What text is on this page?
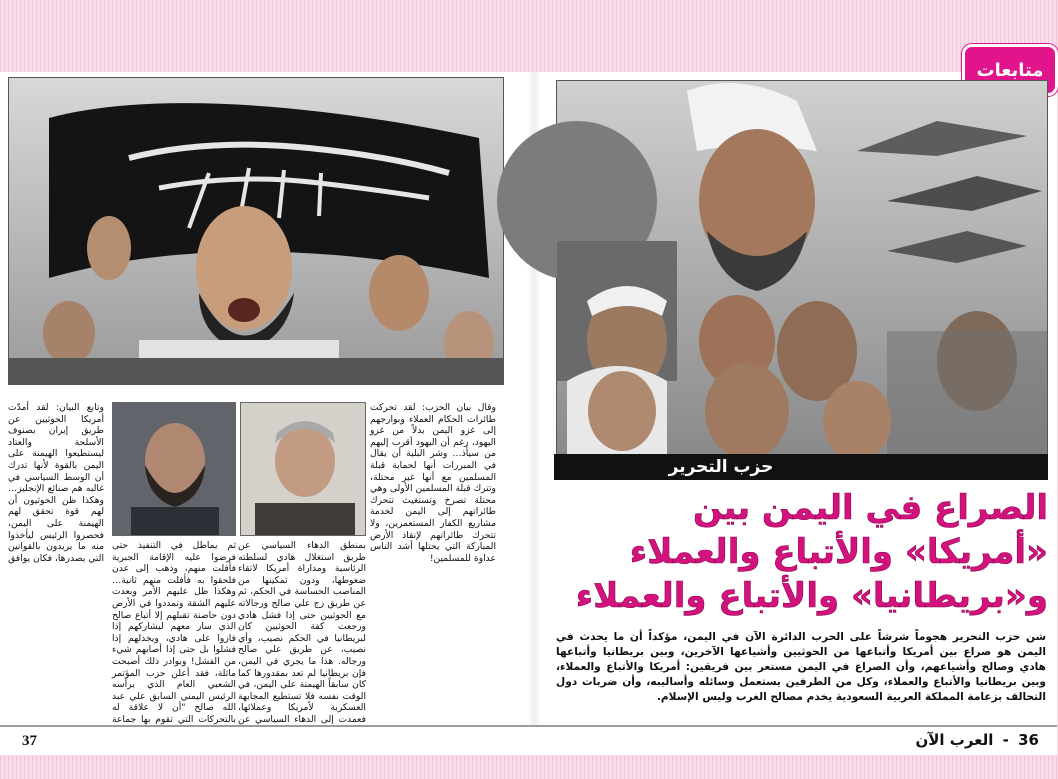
متابعات
حزب التحرير

وقال بيان الحزب: لقد تحركت طائرات الحكام العملاء وبوارجهم إلى غزو اليمن بدلاً من غزو اليهود، رغم أن اليهود أقرب إليهم من سيأذ… وشر البلية أن يقال في المبررات أنها لحماية قبلة المسلمين مع أنها غير محتلة، وتترك قبلة المسلمين الأولى وهي محتلة تصرخ وتستغيث تتحرك طائراتهم إلى اليمن لخدمة مشاريع الكفار المستعمرين، ولا تتحرك طائراتهم لإنقاذ الأرض المباركة التي يحتلها أشد الناس عداوة للمسلمين!

بمنطق الدهاء السياسي عن طريق استغلال هادي لسلطته الرئاسية ومداراة أمريكا لاتقاء ضغوطها، ودون تمكينها من المناصب الحساسة في الحكم، ثم عن طريق زج علي صالح ورجالاته مع الحوثيين حتى إذا فشل هادي ورجعت كفة الحوثيين كان لبريطانيا في الحكم نصيب، وأي نصيب، عن طريق علي صالح ورجاله. هذا ما يجري في اليمن، فإن بريطانيا لم تعد بمقدورها كما كان سابقاً الهيمنة على اليمن، في الوقت نفسه فلا تستطيع المجابهة العسكرية لأمريكا وعملائها، فعمدت إلى الدهاء السياسي عن

ثم يماطل في التنفيذ حتى فرضوا عليه الإقامة الجبرية فأفلت منهم، وذهب إلى عدن فلحقوا به فأفلت منهم ثانية… وهكذا ظل عليهم الأمر وبعدت عليهم الشقة وتمددوا في الأرض دون حاضنة تقبلهم إلا أتباع صالح الذي سار معهم ليشاركهم إذا فازوا على هادي، ويخذلهم إذا فشلوا بل حتى إذا أصابهم شيء من الفشل! وبوادر ذلك أصبحت ماثلة، فقد أعلن حزب المؤتمر الشعبي العام الذي يرأسه الرئيس اليمني السابق علي عبد الله صالح "أن لا علاقة له بالتحركات التي تقوم بها جماعة

وتابع البيان: لقد أمدّت أمريكا الحوثيين عن طريق إيران بصنوف الأسلحة والعتاد ليستطيعوا الهيمنة على اليمن بالقوة لأنها تدرك أن الوسط السياسي في غالبه هم صنائع الإنجليز… وهكذا ظن الحوثيون أن لهم قوة تحقق لهم الهيمنة على اليمن، فحصروا الرئيس ليأخذوا منه ما يريدون بالقوانين التي يصدرها، فكان يوافق

الصراع في اليمن بين «أمريكا» والأتباع والعملاء و«بريطانيا» والأتباع والعملاء
شن حزب التحرير هجوماً شرشاً على الحرب الدائرة الآن في اليمن، مؤكداً أن ما يحدث في اليمن هو صراع بين أمريكا وأتباعها من الحوثيين وأشياعها الآخرين، وبين بريطانيا وأتباعها هادي وصالح وأشياعهم، وأن الصراع في اليمن مستعر بين فريقين: أمريكا والأتباع والعملاء، وبين بريطانيا والأتباع والعملاء، وكل من الطرفين يستعمل وسائله وأساليبه، وأن ضربات دول التحالف بزعامة المملكة العربية السعودية يخدم مصالح الغرب وليس الإسلام.
37	36 - العرب الآن
